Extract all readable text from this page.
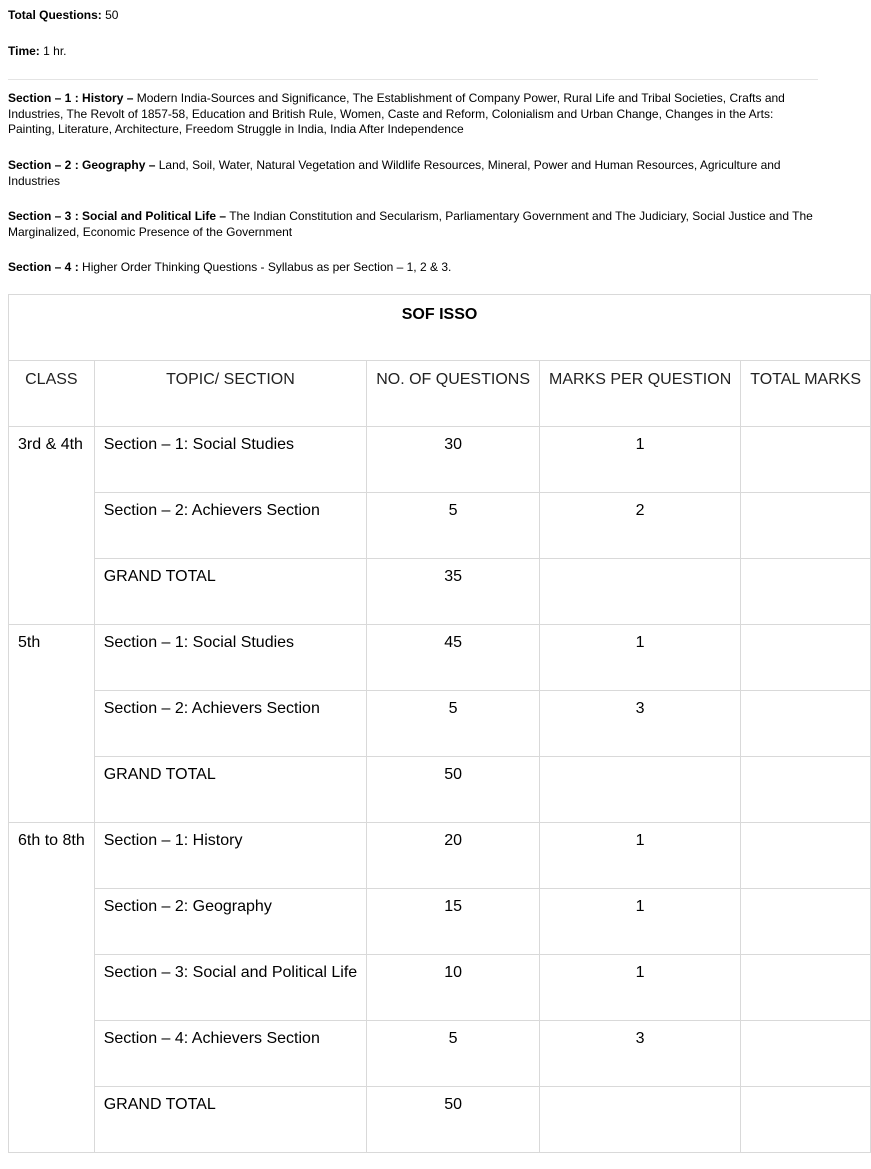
Total Questions: 50
Time: 1 hr.
Section – 1 : History – Modern India-Sources and Significance, The Establishment of Company Power, Rural Life and Tribal Societies, Crafts and Industries, The Revolt of 1857-58, Education and British Rule, Women, Caste and Reform, Colonialism and Urban Change, Changes in the Arts: Painting, Literature, Architecture, Freedom Struggle in India, India After Independence
Section – 2 : Geography – Land, Soil, Water, Natural Vegetation and Wildlife Resources, Mineral, Power and Human Resources, Agriculture and Industries
Section – 3 : Social and Political Life – The Indian Constitution and Secularism, Parliamentary Government and The Judiciary, Social Justice and The Marginalized, Economic Presence of the Government
Section – 4 : Higher Order Thinking Questions - Syllabus as per Section – 1, 2 & 3.
SOF ISSO				
CLASS	TOPIC/ SECTION	NO. OF QUESTIONS	MARKS PER QUESTION	TOTAL MARKS
3rd & 4th	Section – 1: Social Studies	30	1	
	Section – 2: Achievers Section	5	2	
	GRAND TOTAL	35		
5th	Section – 1: Social Studies	45	1	
	Section – 2: Achievers Section	5	3	
	GRAND TOTAL	50		
6th to 8th	Section – 1: History	20	1	
	Section – 2: Geography	15	1	
	Section – 3: Social and Political Life	10	1	
	Section – 4: Achievers Section	5	3	
	GRAND TOTAL	50		
